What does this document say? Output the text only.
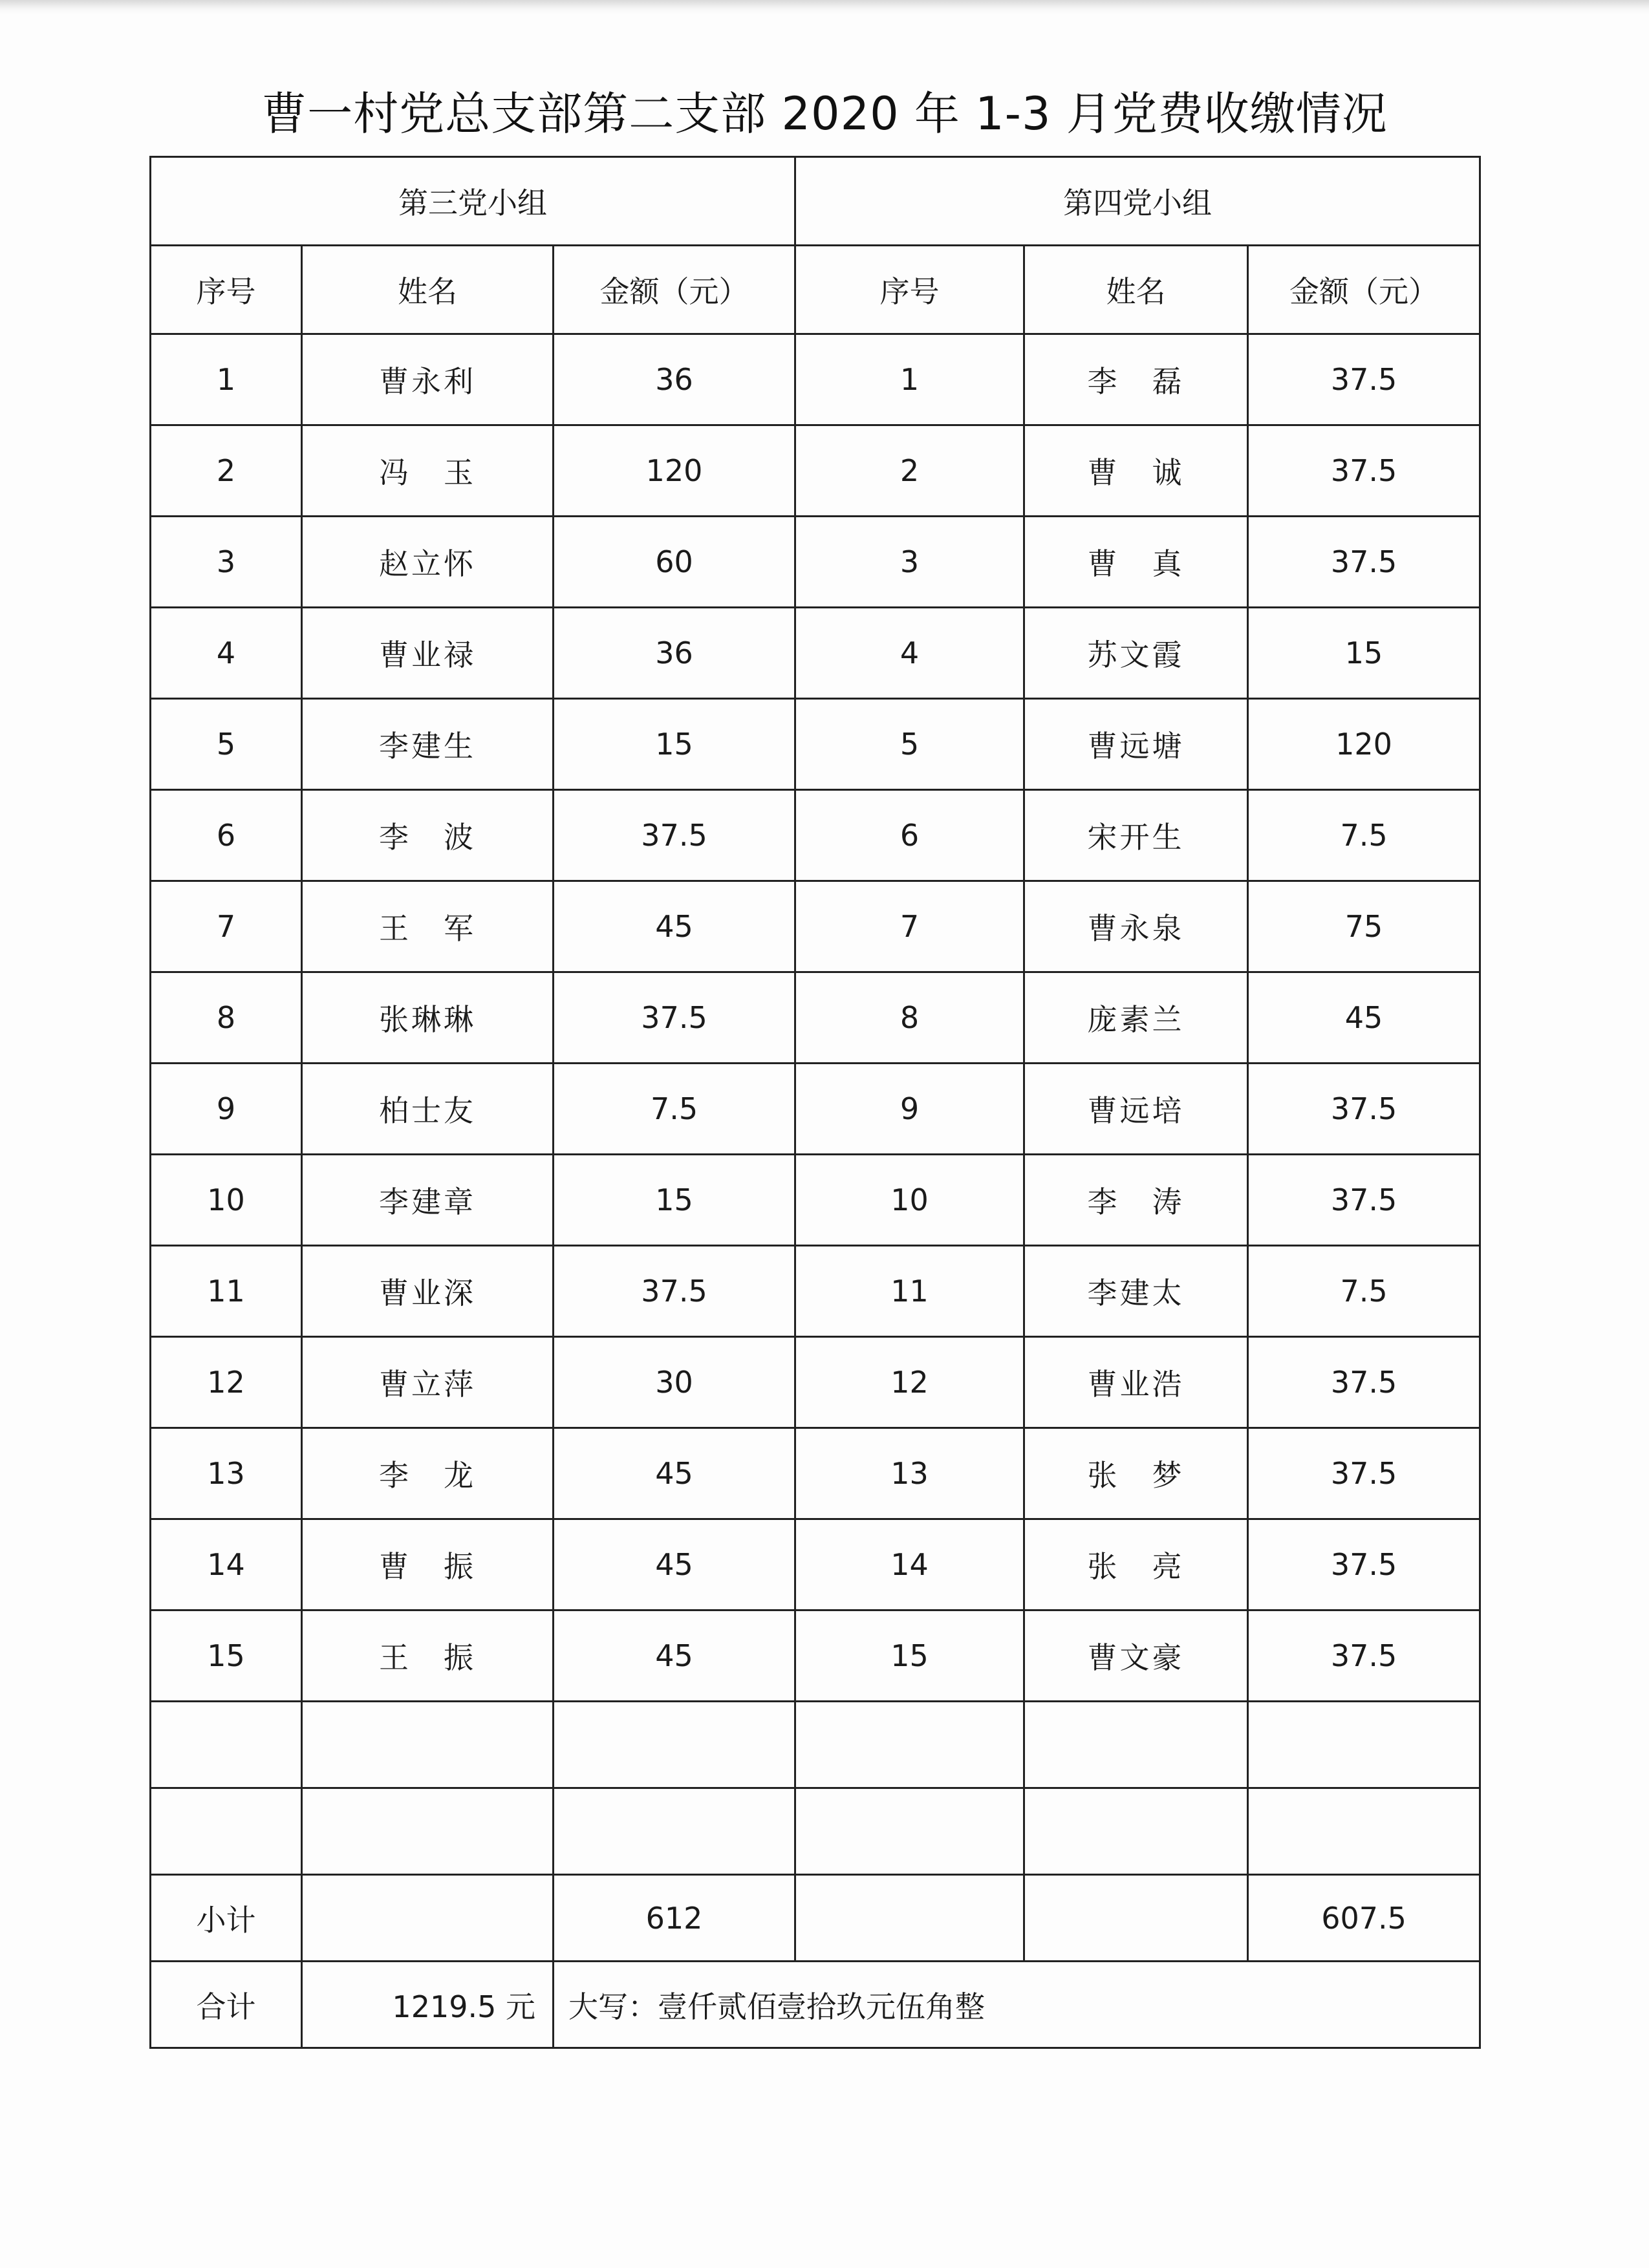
曹一村党总支部第二支部 2020 年 1-3 月党费收缴情况
第三党小组			第四党小组		
序号	姓名	金额（元）	序号	姓名	金额（元）
1	曹永利	36	1	李　磊	37.5
2	冯　玉	120	2	曹　诚	37.5
3	赵立怀	60	3	曹　真	37.5
4	曹业禄	36	4	苏文霞	15
5	李建生	15	5	曹远塘	120
6	李　波	37.5	6	宋开生	7.5
7	王　军	45	7	曹永泉	75
8	张琳琳	37.5	8	庞素兰	45
9	柏士友	7.5	9	曹远培	37.5
10	李建章	15	10	李　涛	37.5
11	曹业深	37.5	11	李建太	7.5
12	曹立萍	30	12	曹业浩	37.5
13	李　龙	45	13	张　梦	37.5
14	曹　振	45	14	张　亮	37.5
15	王　振	45	15	曹文豪	37.5

小计		612			607.5
合计	1219.5 元	大写：壹仟贰佰壹拾玖元伍角整			
